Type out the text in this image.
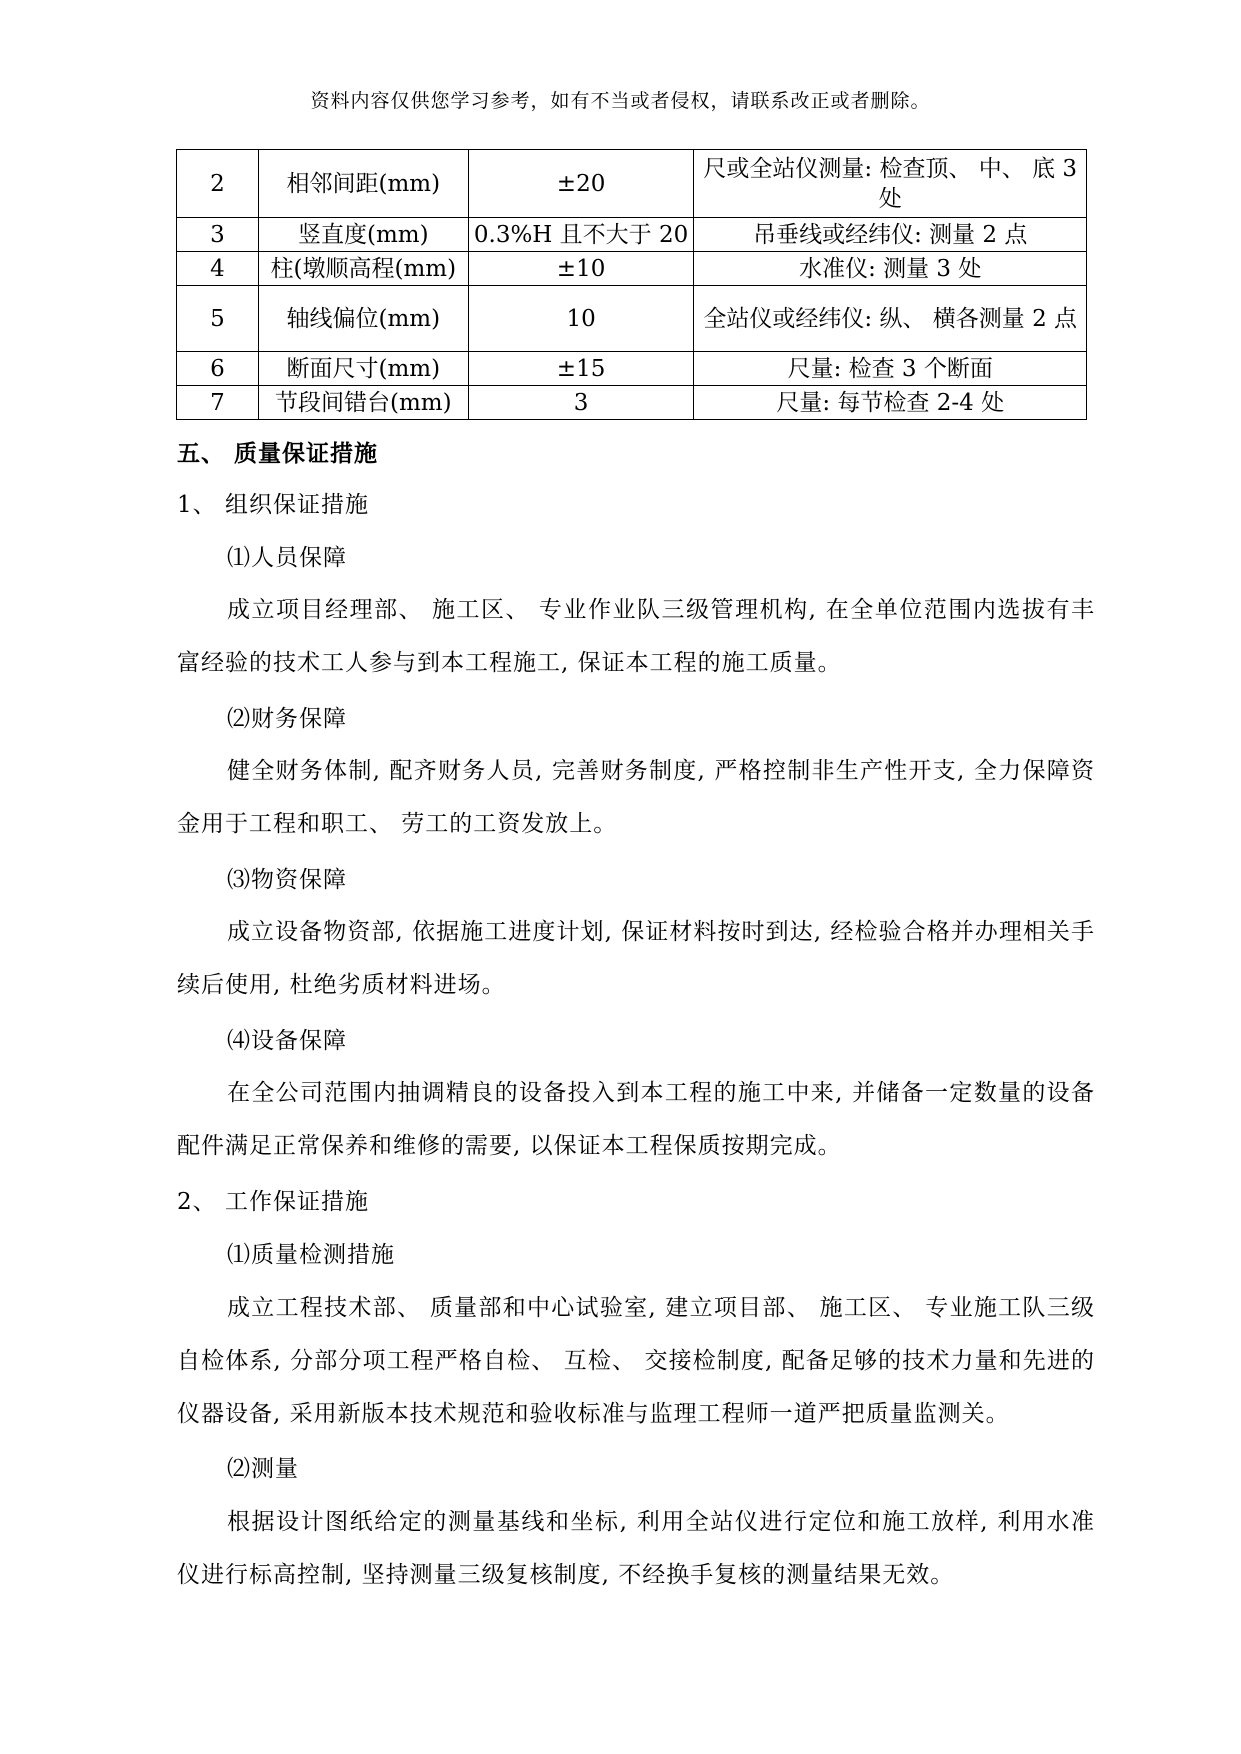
资料内容仅供您学习参考，如有不当或者侵权，请联系改正或者删除。
2	相邻间距(mm)	±20	尺或全站仪测量: 检查顶、 中、 底 3 处
3	竖直度(mm)	0.3%H 且不大于 20	吊垂线或经纬仪: 测量 2 点
4	柱(墩顺高程(mm)	±10	水准仪: 测量 3 处
5	轴线偏位(mm)	10	全站仪或经纬仪: 纵、 横各测量 2 点
6	断面尺寸(mm)	±15	尺量: 检查 3 个断面
7	节段间错台(mm)	3	尺量: 每节检查 2-4 处
五、 质量保证措施
1、 组织保证措施
⑴人员保障
成立项目经理部、 施工区、 专业作业队三级管理机构, 在全单位范围内选拔有丰富经验的技术工人参与到本工程施工, 保证本工程的施工质量。
⑵财务保障
健全财务体制, 配齐财务人员, 完善财务制度, 严格控制非生产性开支, 全力保障资金用于工程和职工、 劳工的工资发放上。
⑶物资保障
成立设备物资部, 依据施工进度计划, 保证材料按时到达, 经检验合格并办理相关手续后使用, 杜绝劣质材料进场。
⑷设备保障
在全公司范围内抽调精良的设备投入到本工程的施工中来, 并储备一定数量的设备配件满足正常保养和维修的需要, 以保证本工程保质按期完成。
2、 工作保证措施
⑴质量检测措施
成立工程技术部、 质量部和中心试验室, 建立项目部、 施工区、 专业施工队三级自检体系, 分部分项工程严格自检、 互检、 交接检制度, 配备足够的技术力量和先进的仪器设备, 采用新版本技术规范和验收标准与监理工程师一道严把质量监测关。
⑵测量
根据设计图纸给定的测量基线和坐标, 利用全站仪进行定位和施工放样, 利用水准仪进行标高控制, 坚持测量三级复核制度, 不经换手复核的测量结果无效。
